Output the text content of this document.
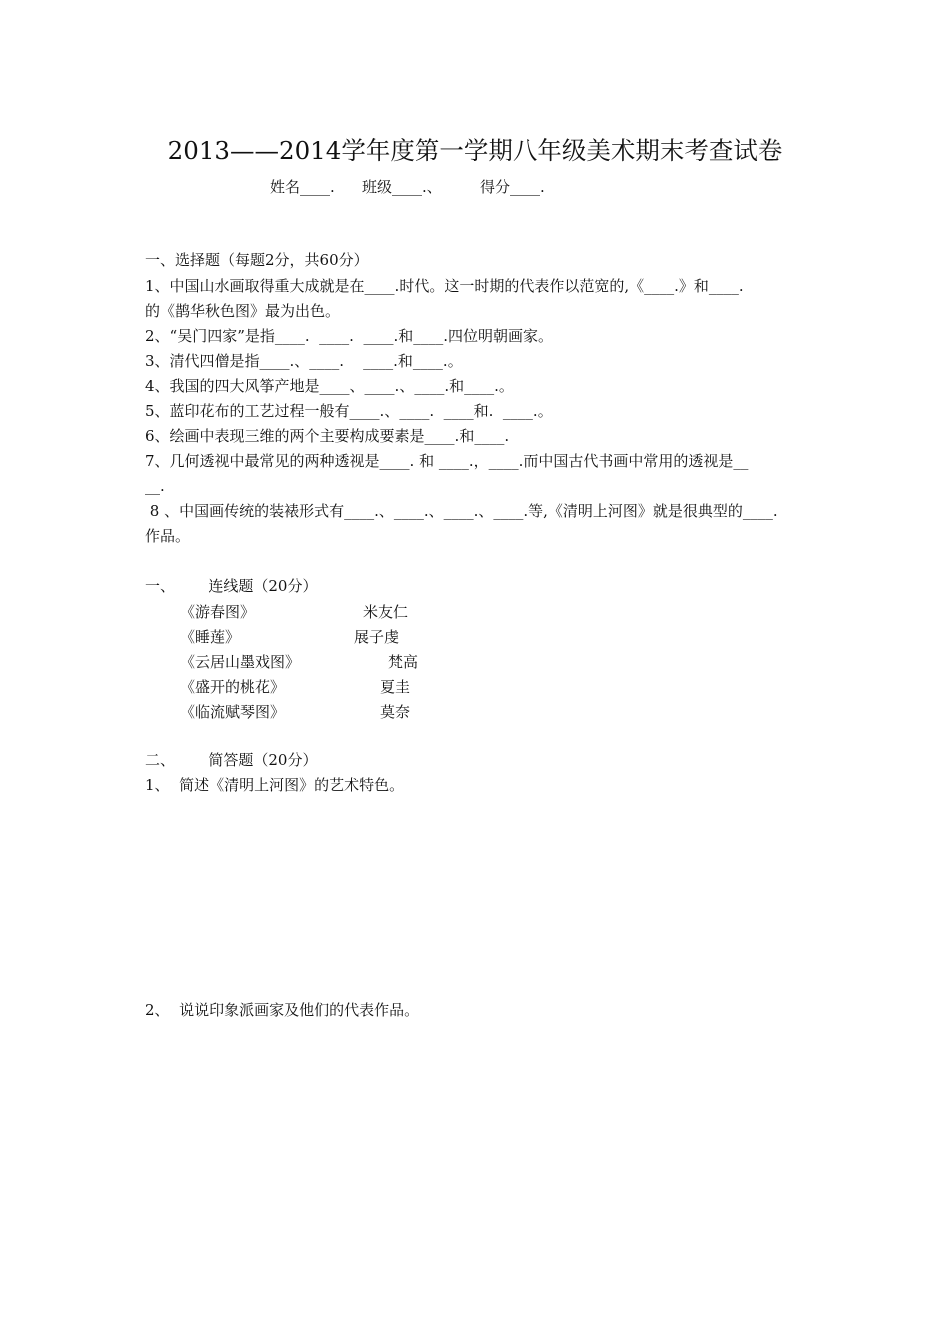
2013——2014学年度第一学期八年级美术期末考查试卷
姓名____. 班级____.、	得分____.
一、选择题（每题2分，共60分）
1、中国山水画取得重大成就是在____.时代。这一时期的代表作以范宽的,《____.》和____.
的《鹊华秋色图》最为出色。
2、“吴门四家”是指____.  ____.  ____.和____.四位明朝画家。
3、清代四僧是指____.、____.    ____.和____.。
4、我国的四大风筝产地是____、____.、____.和____.。
5、蓝印花布的工艺过程一般有____.、____.  ____和.  ____.。
6、绘画中表现三维的两个主要构成要素是____.和____.
7、几何透视中最常见的两种透视是____. 和 ____.，____.而中国古代书画中常用的透视是__
__.
8 、中国画传统的装裱形式有____.、____.、____.、____.等,《清明上河图》就是很典型的____.
作品。
一、       连线题（20分）
《游春图》
《睡莲》
《云居山墨戏图》
《盛开的桃花》
《临流赋琴图》
米友仁
展子虔
梵高
夏圭
莫奈
二、       简答题（20分）
1、  简述《清明上河图》的艺术特色。
2、  说说印象派画家及他们的代表作品。
